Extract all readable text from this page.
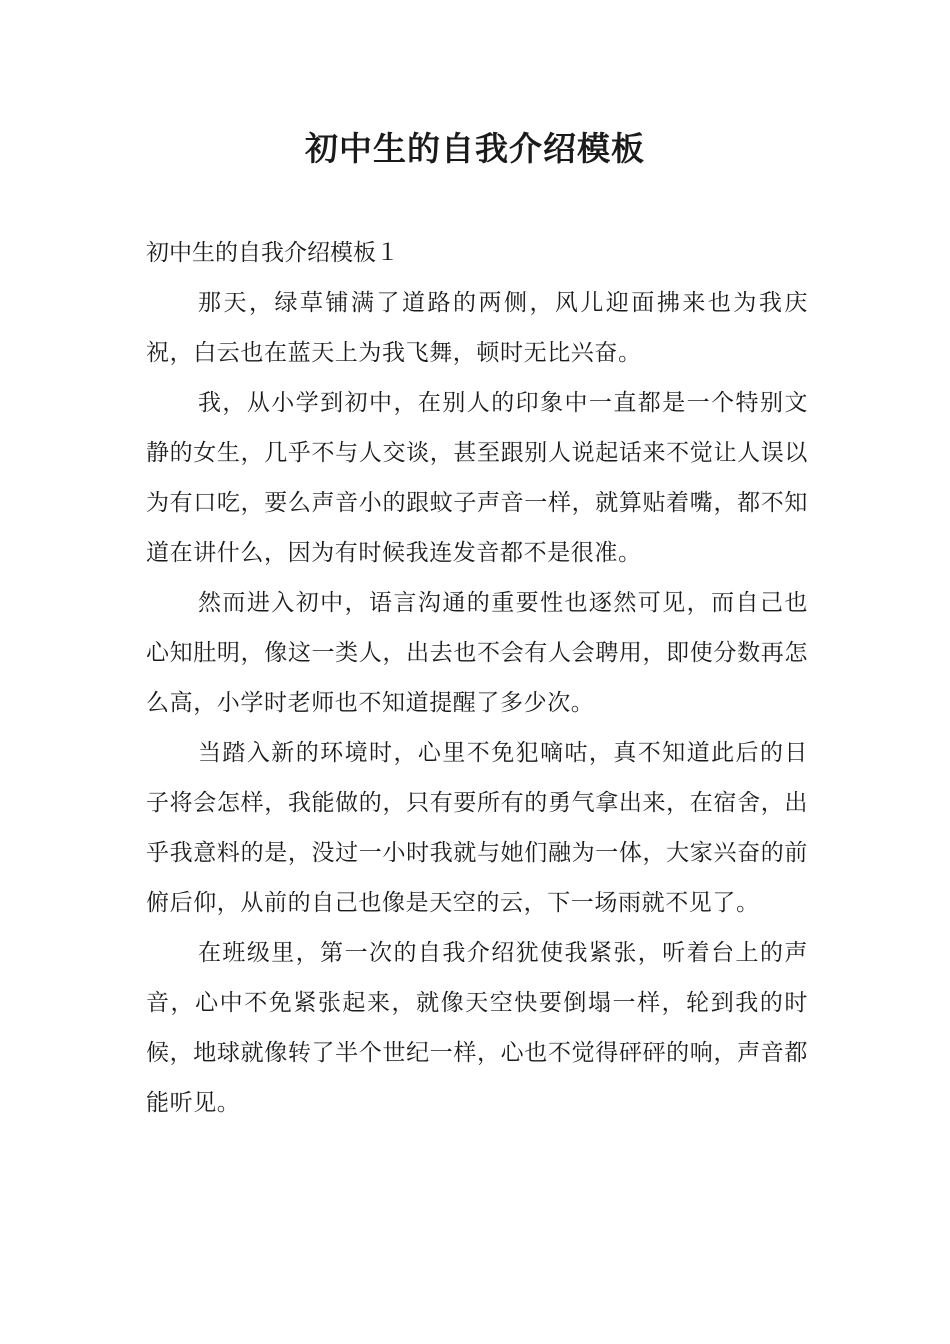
初中生的自我介绍模板

初中生的自我介绍模板１

那天，绿草铺满了道路的两侧，风儿迎面拂来也为我庆祝，白云也在蓝天上为我飞舞，顿时无比兴奋。

我，从小学到初中，在别人的印象中一直都是一个特别文静的女生，几乎不与人交谈，甚至跟别人说起话来不觉让人误以为有口吃，要么声音小的跟蚊子声音一样，就算贴着嘴，都不知道在讲什么，因为有时候我连发音都不是很准。

然而进入初中，语言沟通的重要性也逐然可见，而自己也心知肚明，像这一类人，出去也不会有人会聘用，即使分数再怎么高，小学时老师也不知道提醒了多少次。

当踏入新的环境时，心里不免犯嘀咕，真不知道此后的日子将会怎样，我能做的，只有要所有的勇气拿出来，在宿舍，出乎我意料的是，没过一小时我就与她们融为一体，大家兴奋的前俯后仰，从前的自己也像是天空的云，下一场雨就不见了。

在班级里，第一次的自我介绍犹使我紧张，听着台上的声音，心中不免紧张起来，就像天空快要倒塌一样，轮到我的时候，地球就像转了半个世纪一样，心也不觉得砰砰的响，声音都能听见。
